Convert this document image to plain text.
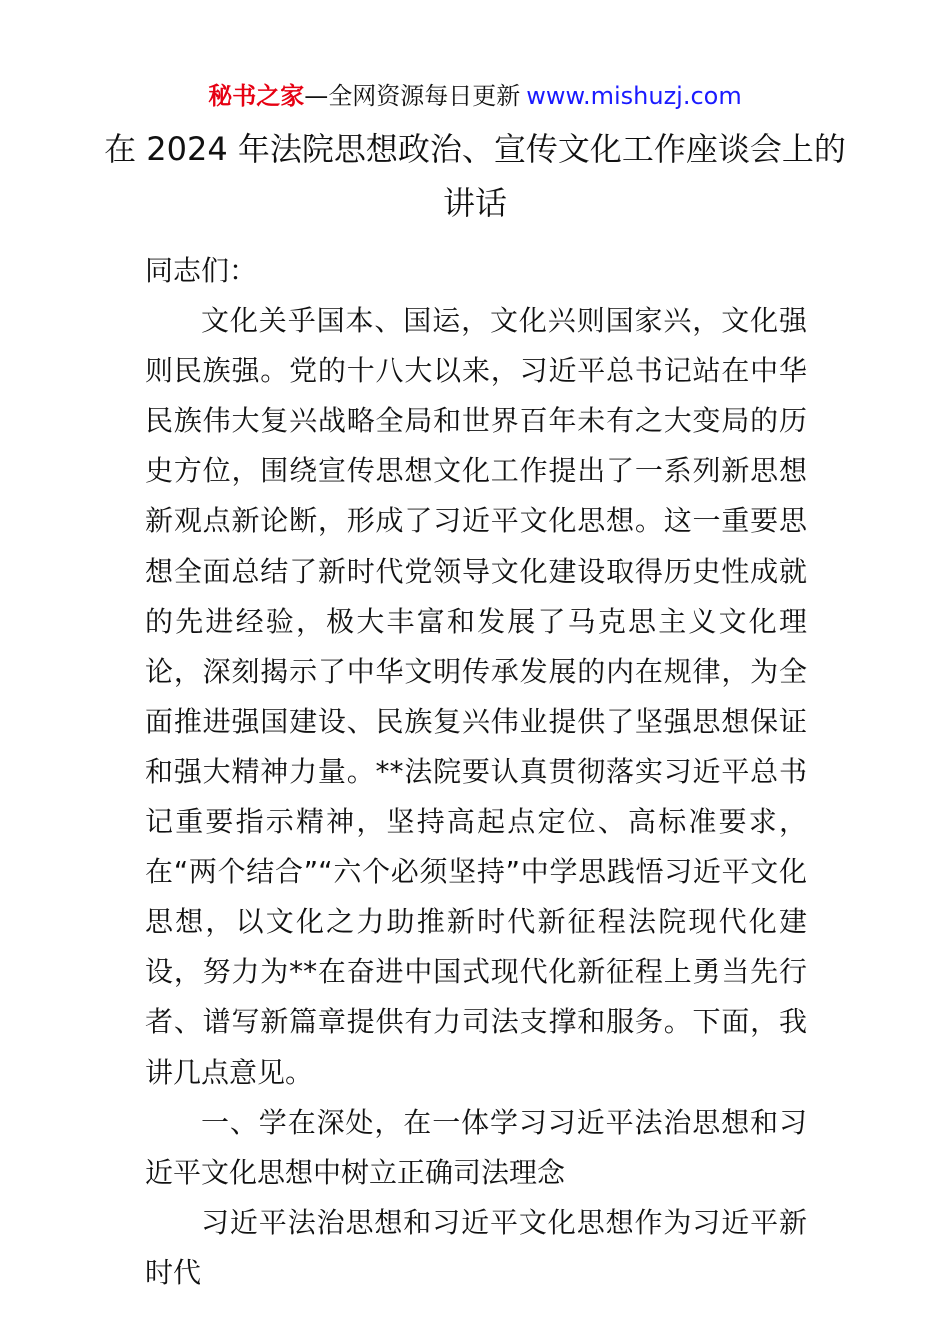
秘书之家—全网资源每日更新 www.mishuzj.com
在 2024 年法院思想政治、宣传文化工作座谈会上的讲话

同志们：

文化关乎国本、国运，文化兴则国家兴，文化强则民族强。党的十八大以来，习近平总书记站在中华民族伟大复兴战略全局和世界百年未有之大变局的历史方位，围绕宣传思想文化工作提出了一系列新思想新观点新论断，形成了习近平文化思想。这一重要思想全面总结了新时代党领导文化建设取得历史性成就的先进经验，极大丰富和发展了马克思主义文化理论，深刻揭示了中华文明传承发展的内在规律，为全面推进强国建设、民族复兴伟业提供了坚强思想保证和强大精神力量。**法院要认真贯彻落实习近平总书记重要指示精神，坚持高起点定位、高标准要求，在“两个结合”“六个必须坚持”中学思践悟习近平文化思想，以文化之力助推新时代新征程法院现代化建设，努力为**在奋进中国式现代化新征程上勇当先行者、谱写新篇章提供有力司法支撑和服务。下面，我讲几点意见。

一、学在深处，在一体学习习近平法治思想和习近平文化思想中树立正确司法理念

习近平法治思想和习近平文化思想作为习近平新时代
